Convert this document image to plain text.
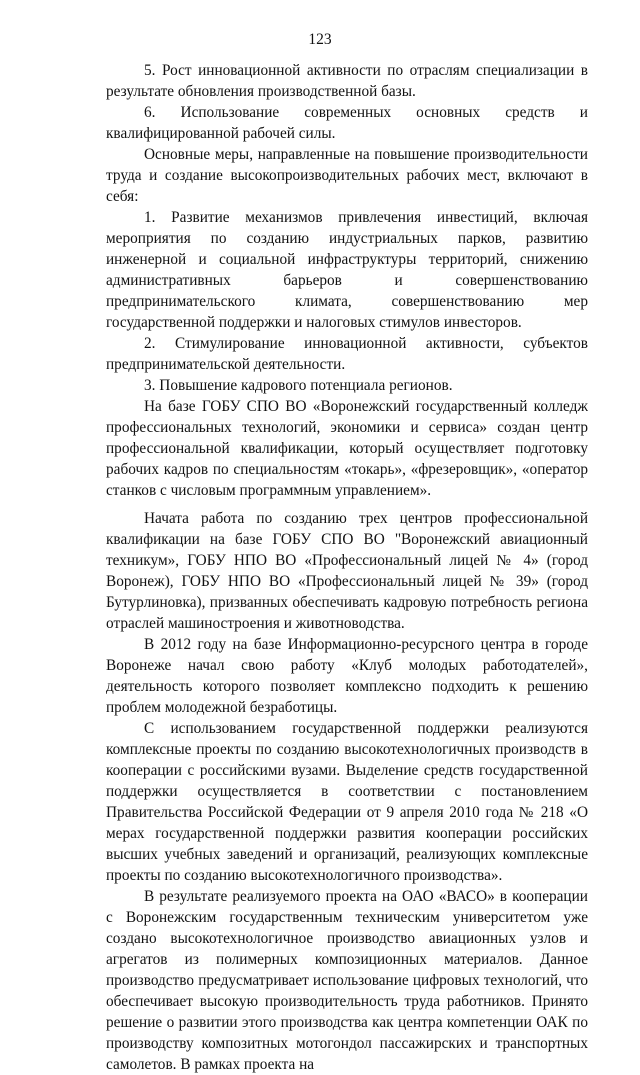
123

5. Рост инновационной активности по отраслям специализации в результате обновления производственной базы.

6. Использование современных основных средств и квалифицированной рабочей силы.

Основные меры, направленные на повышение производительности труда и создание высокопроизводительных рабочих мест, включают в себя:

1. Развитие механизмов привлечения инвестиций, включая мероприятия по созданию индустриальных парков, развитию инженерной и социальной инфраструктуры территорий, снижению административных барьеров и совершенствованию предпринимательского климата, совершенствованию мер государственной поддержки и налоговых стимулов инвесторов.

2. Стимулирование инновационной активности, субъектов предпринимательской деятельности.

3. Повышение кадрового потенциала регионов.

На базе ГОБУ СПО ВО «Воронежский государственный колледж профессиональных технологий, экономики и сервиса» создан центр профессиональной квалификации, который осуществляет подготовку рабочих кадров по специальностям «токарь», «фрезеровщик», «оператор станков с числовым программным управлением».

Начата работа по созданию трех центров профессиональной квалификации на базе ГОБУ СПО ВО "Воронежский авиационный техникум», ГОБУ НПО ВО «Профессиональный лицей № 4» (город Воронеж), ГОБУ НПО ВО «Профессиональный лицей № 39» (город Бутурлиновка), призванных обеспечивать кадровую потребность региона отраслей машиностроения и животноводства.

В 2012 году на базе Информационно-ресурсного центра в городе Воронеже начал свою работу «Клуб молодых работодателей», деятельность которого позволяет комплексно подходить к решению проблем молодежной безработицы.

С использованием государственной поддержки реализуются комплексные проекты по созданию высокотехнологичных производств в кооперации с российскими вузами. Выделение средств государственной поддержки осуществляется в соответствии с постановлением Правительства Российской Федерации от 9 апреля 2010 года № 218 «О мерах государственной поддержки развития кооперации российских высших учебных заведений и организаций, реализующих комплексные проекты по созданию высокотехнологичного производства».

В результате реализуемого проекта на ОАО «ВАСО» в кооперации с Воронежским государственным техническим университетом уже создано высокотехнологичное производство авиационных узлов и агрегатов из полимерных композиционных материалов. Данное производство предусматривает использование цифровых технологий, что обеспечивает высокую производительность труда работников. Принято решение о развитии этого производства как центра компетенции ОАК по производству композитных мотогондол пассажирских и транспортных самолетов. В рамках проекта на
